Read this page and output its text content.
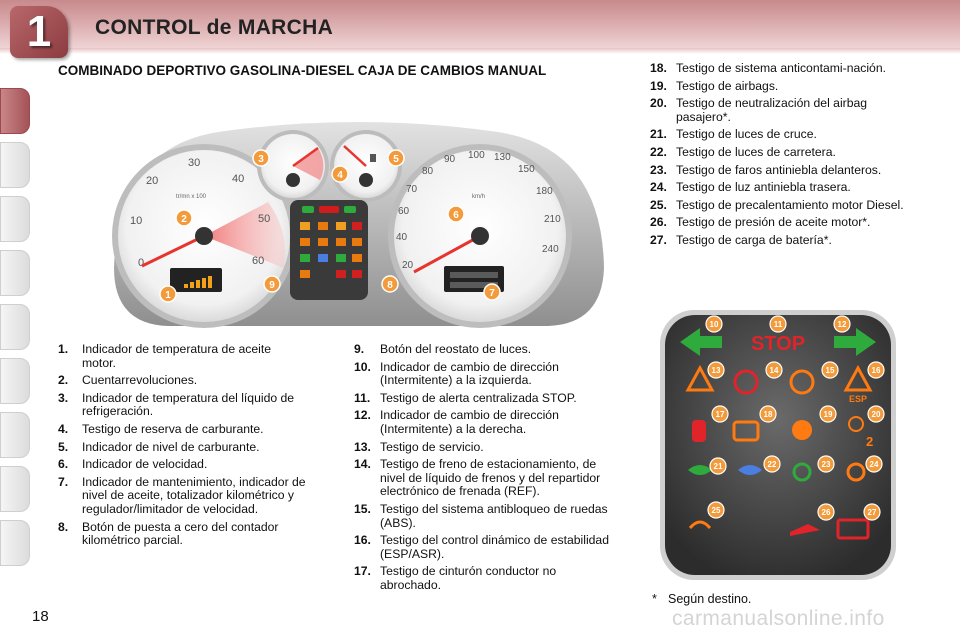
1	CONTROL de MARCHA
COMBINADO DEPORTIVO GASOLINA-DIESEL CAJA DE CAMBIOS MANUAL
0
10
20
30
40
50
60
tr/mn x 100
20
40
60
70
80
90 100 130
150
180
210
240
km/h
1
2
3
4
5
6
7
8
9
1.	Indicador de temperatura de aceite motor.
2.	Cuentarrevoluciones.
3.	Indicador de temperatura del líquido de refrigeración.
4.	Testigo de reserva de carburante.
5.	Indicador de nivel de carburante.
6.	Indicador de velocidad.
7.	Indicador de mantenimiento, indicador de nivel de aceite, totalizador kilométrico y regulador/limitador de velocidad.
8.	Botón de puesta a cero del contador kilométrico parcial.
9.	Botón del reostato de luces.
10. Indicador de cambio de dirección (Intermitente) a la izquierda.
11. Testigo de alerta centralizada STOP.
12. Indicador de cambio de dirección (Intermitente) a la derecha.
13. Testigo de servicio.
14. Testigo de freno de estacionamiento, de nivel de líquido de frenos y del repartidor electrónico de frenada (REF).
15. Testigo del sistema antibloqueo de ruedas (ABS).
16. Testigo del control dinámico de estabilidad (ESP/ASR).
17. Testigo de cinturón conductor no abrochado.
18. Testigo de sistema anticontami-nación.
19. Testigo de airbags.
20. Testigo de neutralización del airbag pasajero*.
21. Testigo de luces de cruce.
22. Testigo de luces de carretera.
23. Testigo de faros antiniebla delanteros.
24. Testigo de luz antiniebla trasera.
25. Testigo de precalentamiento motor Diesel.
26. Testigo de presión de aceite motor*.
27. Testigo de carga de batería*.
STOP
ESP
2
10	11	12
13	14	15	16
17	18	19	20
21	22	23	24
25	26	27
* Según destino.
18	carmanualsonline.info
